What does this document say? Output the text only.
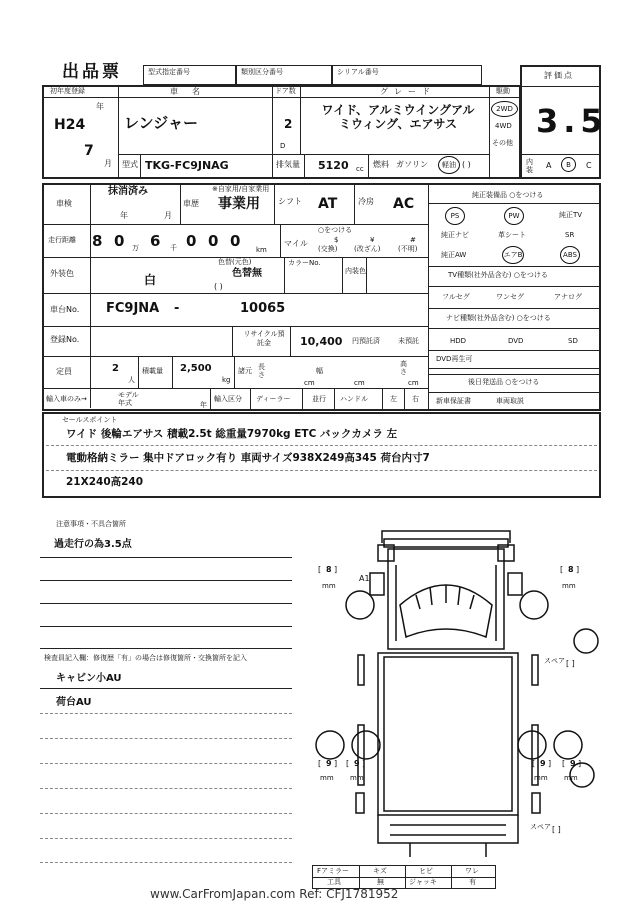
出品票	型式指定番号	類別区分番号	シリアル番号	評価点
3.5
初年度登録
H24
年
7
月
車名
レンジャー
ドア数
2
D
グレード
ワイド、アルミウイングアルミウィング、エアサス
駆動
2WD
4WD
その他
型式 TKG-FC9JNAG	排気量 5120 cc 燃料 ガソリン 軽油 ( )	内装 A B C
車検
抹消済み
年	月
※自家用/自家業用
車歴 事業用 シフト AT	冷房 AC
走行距離 8 0 万 6 千 0 0 0 km
○をつける
マイル	$
(交換)
¥
(改ざん)
#
(不明)
外装色	白
色替(元色)
色替無
( )
カラーNo.
内装色
車台No. FC9JNA -	10065
登録No.
リサイクル預託金	10,400 円預託済	未預託
定員	2
人
積載量 2,500
kg
諸元 長さ
cm
幅
cm
高さ
cm
輸入車のみ→	モデル年式	年
輸入区分 ディーラー	並行 ハンドル	左 右
純正装備品 ○をつける
PS	PW	純正TV
純正ナビ	革シート	SR
純正AW	エアB	ABS
TV種類(社外品含む) ○をつける
フルセグ	ワンセグ	アナログ
ナビ種類(社外品含む) ○をつける
HDD	DVD	SD
DVD再生可
後日発送品 ○をつける
新車保証書	車両取説
セールスポイント
ワイド 後輪エアサス 積載2.5t 総重量7970kg ETC バックカメラ 左
電動格納ミラー 集中ドアロック有り 車両サイズ938X249高345 荷台内寸7
21X240高240
注意事項・不具合箇所
過走行の為3.5点
検査員記入欄：修復歴「有」の場合は修復箇所・交換箇所を記入
キャビン小AU
荷台AU
A1
[ 8 ]
mm
[ 8 ]
mm
スペア [ ]
[ 9 ]
mm
[ 9 ]
mm
[ 9 ]
mm
[ 9 ]
mm
スペア [ ]
Fアミラー	キズ	ヒビ	ワレ
工具	無	ジャッキ	有
www.CarFromJapan.com Ref: CFJ1781952
